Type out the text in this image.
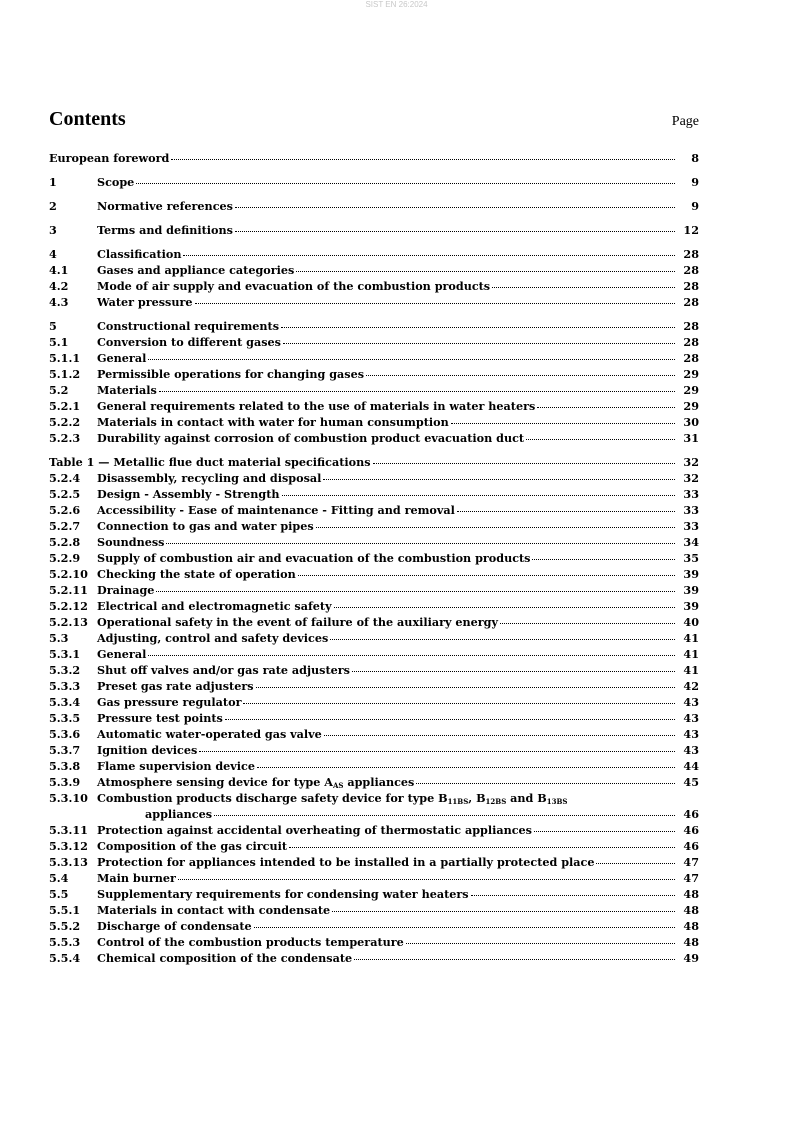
SIST EN 26:2024
Contents	Page
European foreword	8
1	Scope	9
2	Normative references	9
3	Terms and definitions	12
4	Classification	28
4.1	Gases and appliance categories	28
4.2	Mode of air supply and evacuation of the combustion products	28
4.3	Water pressure	28
5	Constructional requirements	28
5.1	Conversion to different gases	28
5.1.1	General	28
5.1.2	Permissible operations for changing gases	29
5.2	Materials	29
5.2.1	General requirements related to the use of materials in water heaters	29
5.2.2	Materials in contact with water for human consumption	30
5.2.3	Durability against corrosion of combustion product evacuation duct	31
Table 1 — Metallic flue duct material specifications	32
5.2.4	Disassembly, recycling and disposal	32
5.2.5	Design - Assembly - Strength	33
5.2.6	Accessibility - Ease of maintenance - Fitting and removal	33
5.2.7	Connection to gas and water pipes	33
5.2.8	Soundness	34
5.2.9	Supply of combustion air and evacuation of the combustion products	35
5.2.10 Checking the state of operation	39
5.2.11 Drainage	39
5.2.12 Electrical and electromagnetic safety	39
5.2.13 Operational safety in the event of failure of the auxiliary energy	40
5.3	Adjusting, control and safety devices	41
5.3.1	General	41
5.3.2	Shut off valves and/or gas rate adjusters	41
5.3.3	Preset gas rate adjusters	42
5.3.4	Gas pressure regulator	43
5.3.5	Pressure test points	43
5.3.6	Automatic water-operated gas valve	43
5.3.7	Ignition devices	43
5.3.8	Flame supervision device	44
5.3.9	Atmosphere sensing device for type $A_{AS}$ appliances	45
5.3.10 Combustion products discharge safety device for type $B_{11BS}$, $B_{12BS}$ and $B_{13BS}$
appliances	46
5.3.11 Protection against accidental overheating of thermostatic appliances	46
5.3.12 Composition of the gas circuit	46
5.3.13 Protection for appliances intended to be installed in a partially protected place	47
5.4	Main burner	47
5.5	Supplementary requirements for condensing water heaters	48
5.5.1	Materials in contact with condensate	48
5.5.2	Discharge of condensate	48
5.5.3	Control of the combustion products temperature	48
5.5.4	Chemical composition of the condensate	49
